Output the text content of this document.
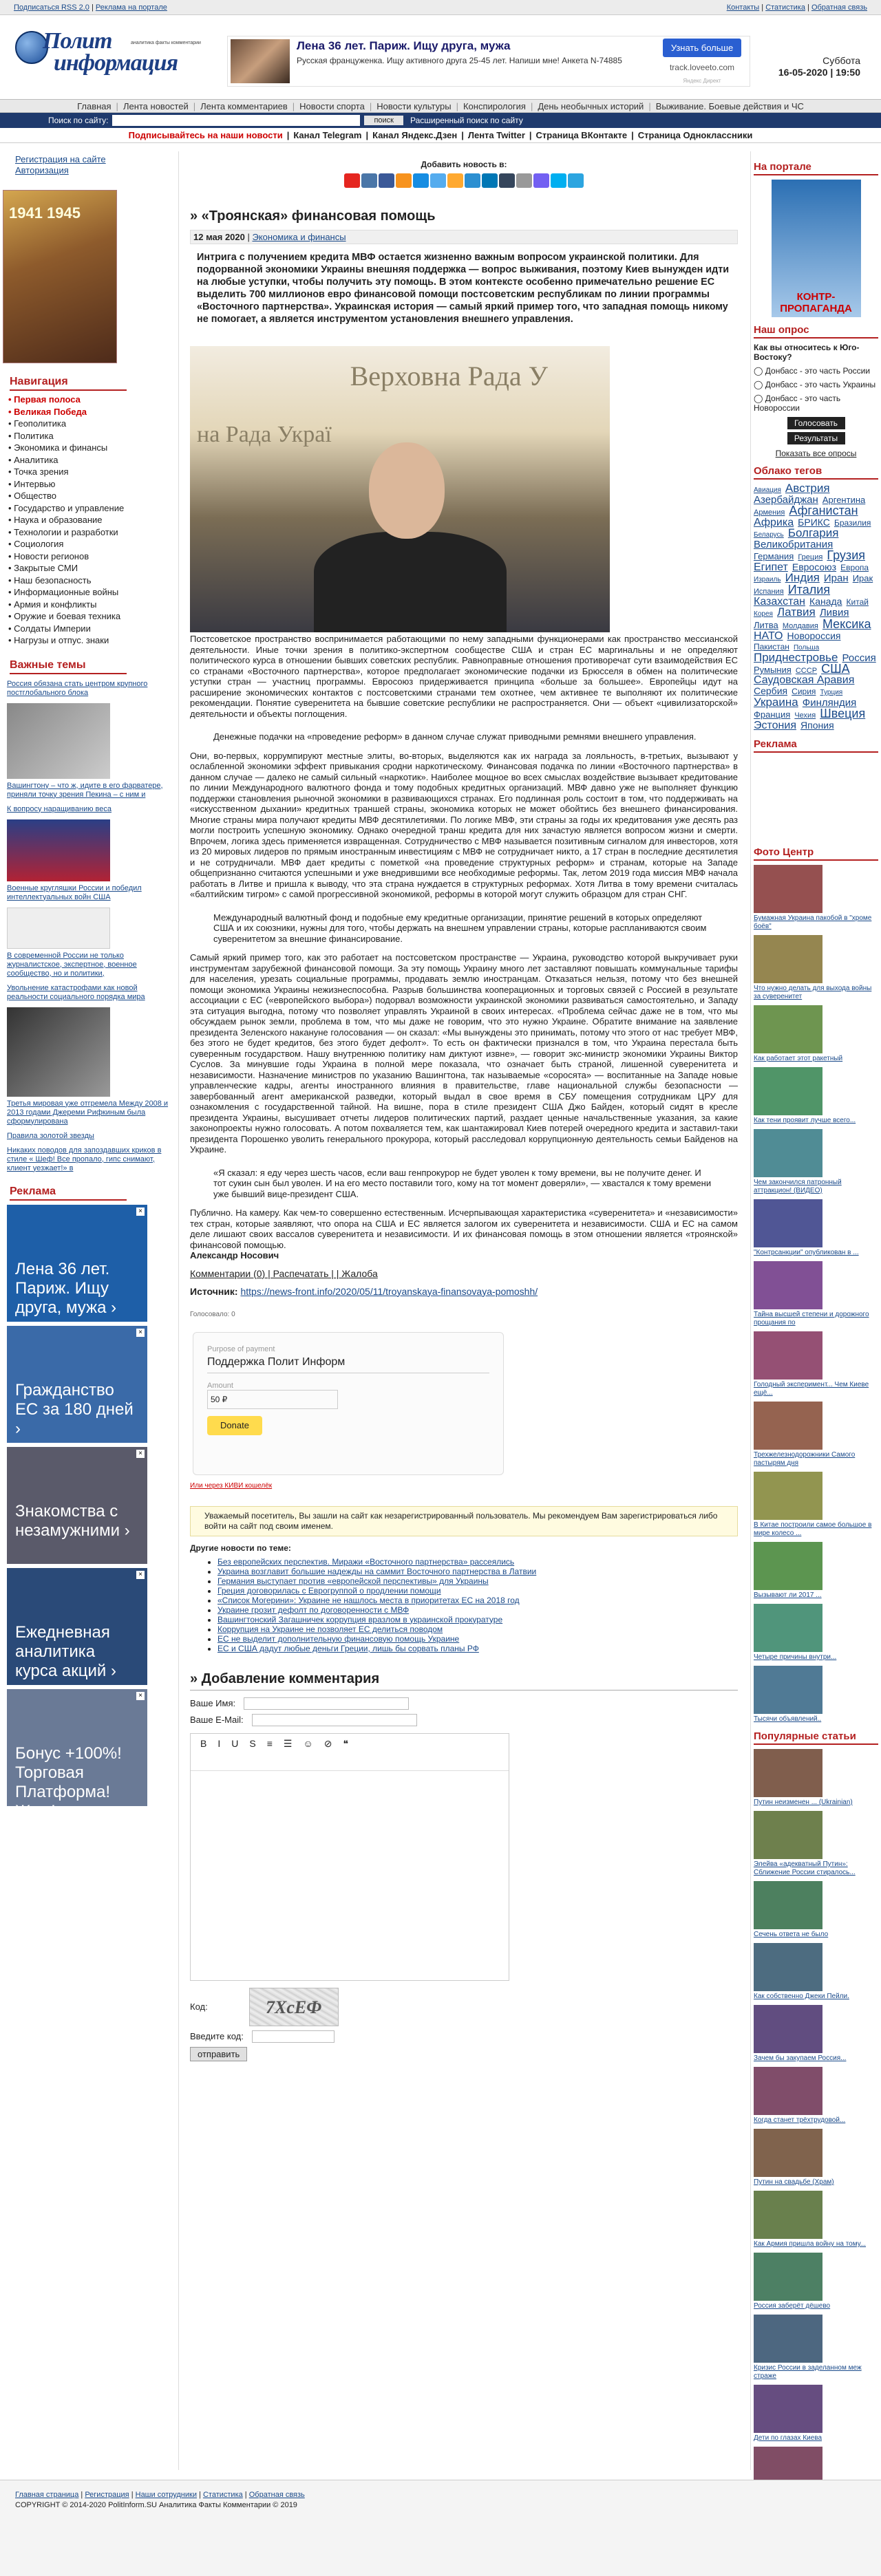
Подписаться RSS 2.0 | Реклама на портале	Контакты | Статистика | Обратная связь
Полит
информация
аналитика факты комментарии	Лена 36 лет. Париж. Ищу друга, мужа

Русская француженка. Ищу активного друга 25-45 лет. Напиши мне! Анкета N-74885

Узнать больше
track.loveeto.com
Яндекс Директ
Суббота
16-05-2020 | 19:50
Главная | Лента новостей | Лента комментариев | Новости спорта | Новости культуры | Конспирология | День необычных историй | Выживание. Боевые действия и ЧС
Поиск по сайту:	поиск	Расширенный поиск по сайту
Подписывайтесь на наши новости | Канал Telegram | Канал Яндекс.Дзен | Лента Twitter | Страница ВКонтакте | Страница Одноклассники
Регистрация на сайте
Авторизация
1941 1945
Навигация
• Первая полоса
• Великая Победа
• Геополитика
• Политика
• Экономика и финансы
• Аналитика
• Точка зрения
• Интервью
• Общество
• Государство и управление
• Наука и образование
• Технологии и разработки
• Социология
• Новости регионов
• Закрытые СМИ
• Наш безопасность
• Информационные войны
• Армия и конфликты
• Оружие и боевая техника
• Солдаты Империи
• Нагрузы и отпус. знаки
Важные темы
Россия обязана стать центром крупного постглобального блока

Вашингтону – что ж, идите в его фарватере, приняли точку зрения Пекина – с ним и
К вопросу наращиванию веса

Военные кругляшки России и победил интеллектуальных войн США

В современной России не только журналистское, экспертное, военное сообщество, но и политики,
Увольнение катастрофами как новой реальности социального порядка мира

Третья мировая уже отгремела Между 2008 и 2013 годами Джереми Рифкиным была сформулирована
Правила золотой звезды
Никаких поводов для запоздавших криков в стиле « Шеф! Все пропало, гипс снимают, клиент уезжает!» в
Реклама
×
Лена 36 лет. Париж. Ищу друга, мужа ›
×
Гражданство ЕС за 180 дней ›
×
Знакомства с незамужними ›
×
Ежедневная аналитика курса акций ›
×
Бонус +100%! Торговая Платформа! Жми! ›
Добавить новость в:
» «Троянская» финансовая помощь
12 мая 2020 | Экономика и финансы
Интрига с получением кредита МВФ остается жизненно важным вопросом украинской политики. Для подорванной экономики Украины внешняя поддержка — вопрос выживания, поэтому Киев вынужден идти на любые уступки, чтобы получить эту помощь. В этом контексте особенно примечательно решение ЕС выделить 700 миллионов евро финансовой помощи постсоветским республикам по линии программы «Восточного партнерства». Украинская история — самый яркий пример того, что западная помощь никому не помогает, а является инструментом установления внешнего управления.
Верховна Рада У
на Рада Украї

Постсоветское пространство воспринимается работающими по нему западными функционерами как пространство мессианской деятельности. Иные точки зрения в политико-экспертном сообществе США и стран ЕС маргинальны и не определяют политического курса в отношении бывших советских республик. Равноправные отношения противоречат сути взаимодействия ЕС со странами «Восточного партнерства», которое предполагает экономические подачки из Брюсселя в обмен на политические уступки стран — участниц программы. Евросоюз придерживается принципа «больше за большее». Европейцы идут на расширение экономических контактов с постсоветскими странами тем охотнее, чем активнее те выполняют их политические рекомендации. Понятие суверенитета на бывшие советские республики не распространяется. Они — объект «цивилизаторской» деятельности и объекты поглощения.

Денежные подачки на «проведение реформ» в данном случае служат приводными ремнями внешнего управления.

Они, во-первых, коррумпируют местные элиты, во-вторых, выделяются как их награда за лояльность, в-третьих, вызывают у ослабленной экономики эффект привыкания сродни наркотическому. Финансовая подачка по линии «Восточного партнерства» в данном случае — далеко не самый сильный «наркотик». Наиболее мощное во всех смыслах воздействие вызывает кредитование по линии Международного валютного фонда и тому подобных кредитных организаций. МВФ давно уже не выполняет функцию поддержки становления рыночной экономики в развивающихся странах. Его подлинная роль состоит в том, что поддерживать на «искусственном дыхании» кредитных траншей страны, экономика которых не может обойтись без внешнего финансирования. Многие страны мира получают кредиты МВФ десятилетиями. По логике МВФ, эти страны за годы их кредитования уже десять раз могли построить успешную экономику. Однако очередной транш кредита для них зачастую является вопросом жизни и смерти. Впрочем, логика здесь применяется извращенная. Сотрудничество с МВФ называется позитивным сигналом для инвесторов, хотя из 20 мировых лидеров по прямым иностранным инвестициям с МВФ не сотрудничает никто, а 17 стран в последние десятилетия и не сотрудничали. МВФ дает кредиты с пометкой «на проведение структурных реформ» и странам, которые на Западе общепризнанно считаются успешными и уже внедрившими все необходимые реформы. Так, летом 2019 года миссия МВФ начала работать в Литве и пришла к выводу, что эта страна нуждается в структурных реформах. Хотя Литва в тому времени считалась «балтийским тигром» с самой прогрессивной экономикой, реформы в которой могут служить образцом для стран СНГ.

Международный валютный фонд и подобные ему кредитные организации, принятие решений в которых определяют США и их союзники, нужны для того, чтобы держать на внешнем управлении страны, которые распланиваются своим суверенитетом за внешние финансирование.

Самый яркий пример того, как это работает на постсоветском пространстве — Украина, руководство которой выкручивает руки инструментам зарубежной финансовой помощи. За эту помощь Украину много лет заставляют повышать коммунальные тарифы для населения, урезать социальные программы, продавать землю иностранцам. Отказаться нельзя, потому что без внешней помощи экономика Украины нежизнеспособна. Разрыв большинства кооперационных и торговых связей с Россией в результате ассоциации с ЕС («европейского выбора») подорвал возможности украинской экономики развиваться самостоятельно, и Западу эта ситуация выгодна, потому что позволяет управлять Украиной в своих интересах. «Проблема сейчас даже не в том, что мы обсуждаем рынок земли, проблема в том, что мы даже не говорим, что это нужно Украине. Обратите внимание на заявление президента Зеленского накануне голосования — он сказал: «Мы вынуждены это принимать, потому что этого от нас требует МВФ, без этого не будет кредитов, без этого будет дефолт». То есть он фактически признался в том, что Украина перестала быть суверенным государством. Нашу внутреннюю политику нам диктуют извне», — говорит экс-министр экономики Украины Виктор Суслов. За минувшие годы Украина в полной мере показала, что означает быть страной, лишенной суверенитета и независимости. Назначение министров по указанию Вашингтона, так называемые «соросята» — воспитанные на Западе новые управленческие кадры, агенты иностранного влияния в правительстве, главе национальной службы безопасности — завербованный агент американской разведки, который выдал в свое время в СБУ помещения сотрудникам ЦРУ для ознакомления с государственной тайной. На вишне, пора в стиле президент США Джо Байден, который сидят в кресле президента Украины, высушивает отчеты лидеров политических партий, раздает ценные начальственные указания, за какие законопроекты нужно голосовать. А потом похваляется тем, как шантажировал Киев потерей очередного кредита и заставил-таки президента Порошенко уволить генерального прокурора, который расследовал коррупционную деятельность семьи Байденов на Украине.

«Я сказал: я еду через шесть часов, если ваш генпрокурор не будет уволен к тому времени, вы не получите денег. И тот сукин сын был уволен. И на его место поставили того, кому на тот момент доверяли», — хвастался к тому времени уже бывший вице-президент США.

Публично. На камеру. Как чем-то совершенно естественным. Исчерпывающая характеристика «суверенитета» и «независимости» тех стран, которые заявляют, что опора на США и ЕС является залогом их суверенитета и независимости. США и ЕС на самом деле лишают своих вассалов суверенитета и независимости. И их финансовая помощь в этом отношении является «троянской» финансовой помощью.

Александр Носович

Комментарии (0) | Распечатать | | Жалоба
Источник: https://news-front.info/2020/05/11/troyanskaya-finansovaya-pomoshh/
Голосовало: 0
Purpose of payment
Поддержка Полит Информ
Amount
50 ₽
Donate
Или через КИВИ кошелёк
Уважаемый посетитель, Вы зашли на сайт как незарегистрированный пользователь. Мы рекомендуем Вам зарегистрироваться либо войти на сайт под своим именем.
Другие новости по теме:
• Без европейских перспектив. Миражи «Восточного партнерства» рассеялись
• Украина возглавит большие надежды на саммит Восточного партнерства в Латвии
• Германия выступает против «европейской перспективы» для Украины
• Греция договорилась с Еврогруппой о продлении помощи
• «Список Могерини»: Украине не нашлось места в приоритетах ЕС на 2018 год
• Украине грозит дефолт по договоренности с МВФ
• Вашингтонский Загашничек коррупция вразлом в украинской прокуратуре
• Коррупция на Украине не позволяет ЕС делиться поводом
• ЕС не выделит дополнительную финансовую помощь Украине
• ЕС и США дадут любые деньги Греции, лишь бы сорвать планы РФ
» Добавление комментария
Ваше Имя:
Ваше E-Mail:
B I U S ≡ ☰ ☺ ⊘ ❝
Код:	7ХсЕФ
Введите код:
отправить
На портале
КОНТР-ПРОПАГАНДА
Наш опрос
Как вы относитесь к Юго-Востоку?
◯ Донбасс - это часть России
◯ Донбасс - это часть Украины
◯ Донбасс - это часть Новороссии
Голосовать
Результаты
Показать все опросы
Облако тегов
Авиация Австрия Азербайджан Аргентина Армения Афганистан Африка БРИКС Бразилия Беларусь Болгария Великобритания Германия Греция Грузия Египет Евросоюз Европа Израиль Индия Иран Ирак Испания Италия Казахстан Канада Китай Корея Латвия Ливия Литва Молдавия Мексика НАТО Новороссия Пакистан Польша Приднестровье Россия Румыния СССР США Саудовская Аравия Сербия Сирия Турция Украина Финляндия Франция Чехия Швеция Эстония Япония
Реклама
Фото Центр
Бумажная Украина пакобой в "хроме боёв"
Что нужно делать для выхода войны за суверенитет
Как работает этот ракетный
Как тени проявит лучше всего...
Чем закончился патронный аттракцион! (ВИДЕО)
"Контрсанкции" опубликован в ...
Тайна высшей степени и дорожного прощания по
Голодный эксперимент... Чем Киеве ещё...
Трехжелезнодорожники Самого пастырям дня
В Китае построили самое большое в мире колесо ...
Вызывают ли 2017 ...
Четыре причины внутри...
Тысячи объявлений..
Популярные статьи
Путин неизменен ... (Ukrainian)
Элейва «адекватный Путин»: Сближение России стиралось...
Сечень ответа не было
Как собственно Джеки Пейли.
Зачем бы закупаем Россия...
Когда станет трёхтрудовой...
Путин на свадьбе (Храм)
Как Армия пришла войну на тому...
Россия заберёт дёшево
Кризис России в заделанном меж страже
Дети по глазах Киева
Главная страница | Регистрация | Наши сотрудники | Статистика | Обратная связь
COPYRIGHT © 2014-2020 PolitInform.SU Аналитика Факты Комментарии © 2019
